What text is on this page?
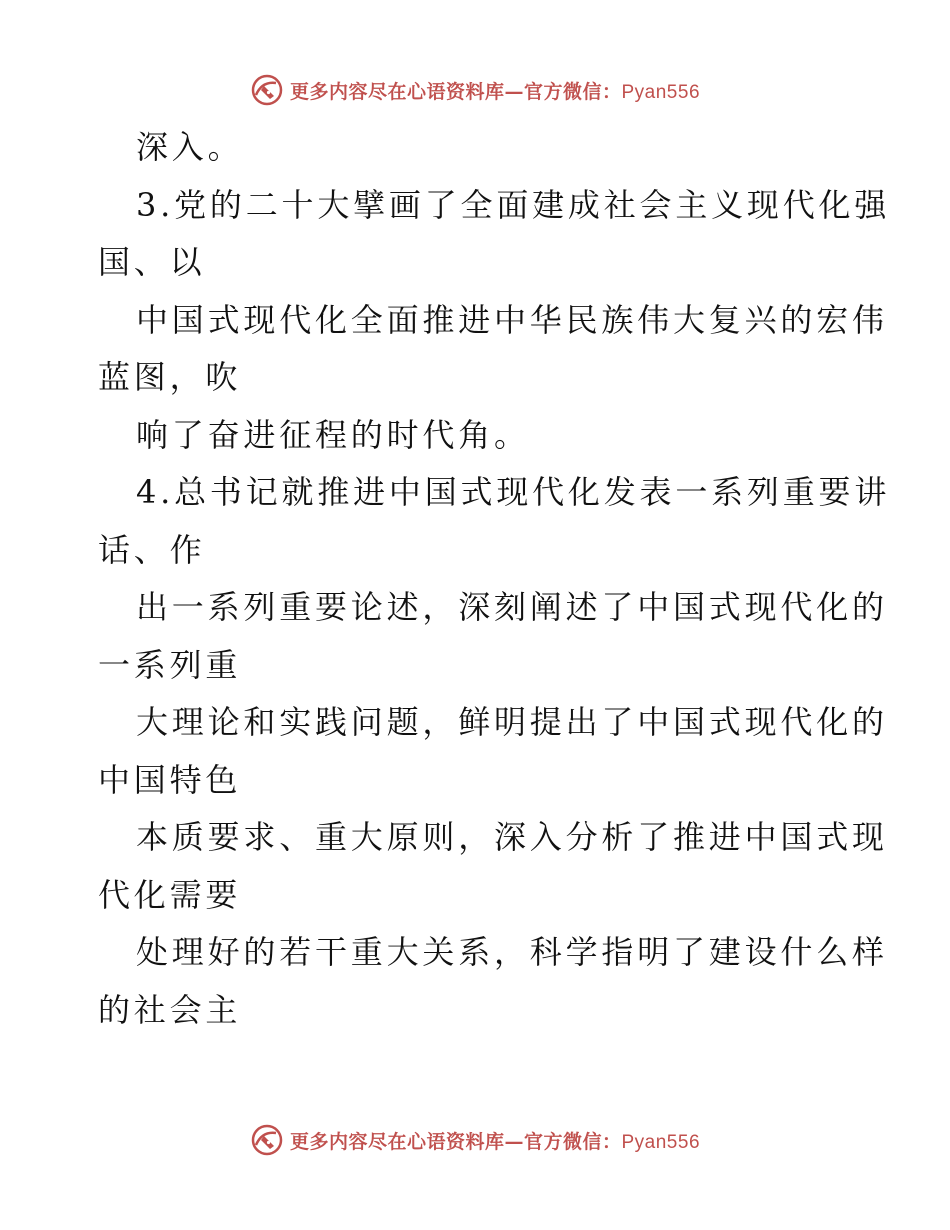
更多内容尽在心语资料库—官方微信：Pyan556
深入。
3.党的二十大擘画了全面建成社会主义现代化强
国、以
中国式现代化全面推进中华民族伟大复兴的宏伟
蓝图，吹
响了奋进征程的时代角。
4.总书记就推进中国式现代化发表一系列重要讲
话、作
出一系列重要论述，深刻阐述了中国式现代化的
一系列重
大理论和实践问题，鲜明提出了中国式现代化的
中国特色
本质要求、重大原则，深入分析了推进中国式现
代化需要
处理好的若干重大关系，科学指明了建设什么样
的社会主
更多内容尽在心语资料库—官方微信：Pyan556
